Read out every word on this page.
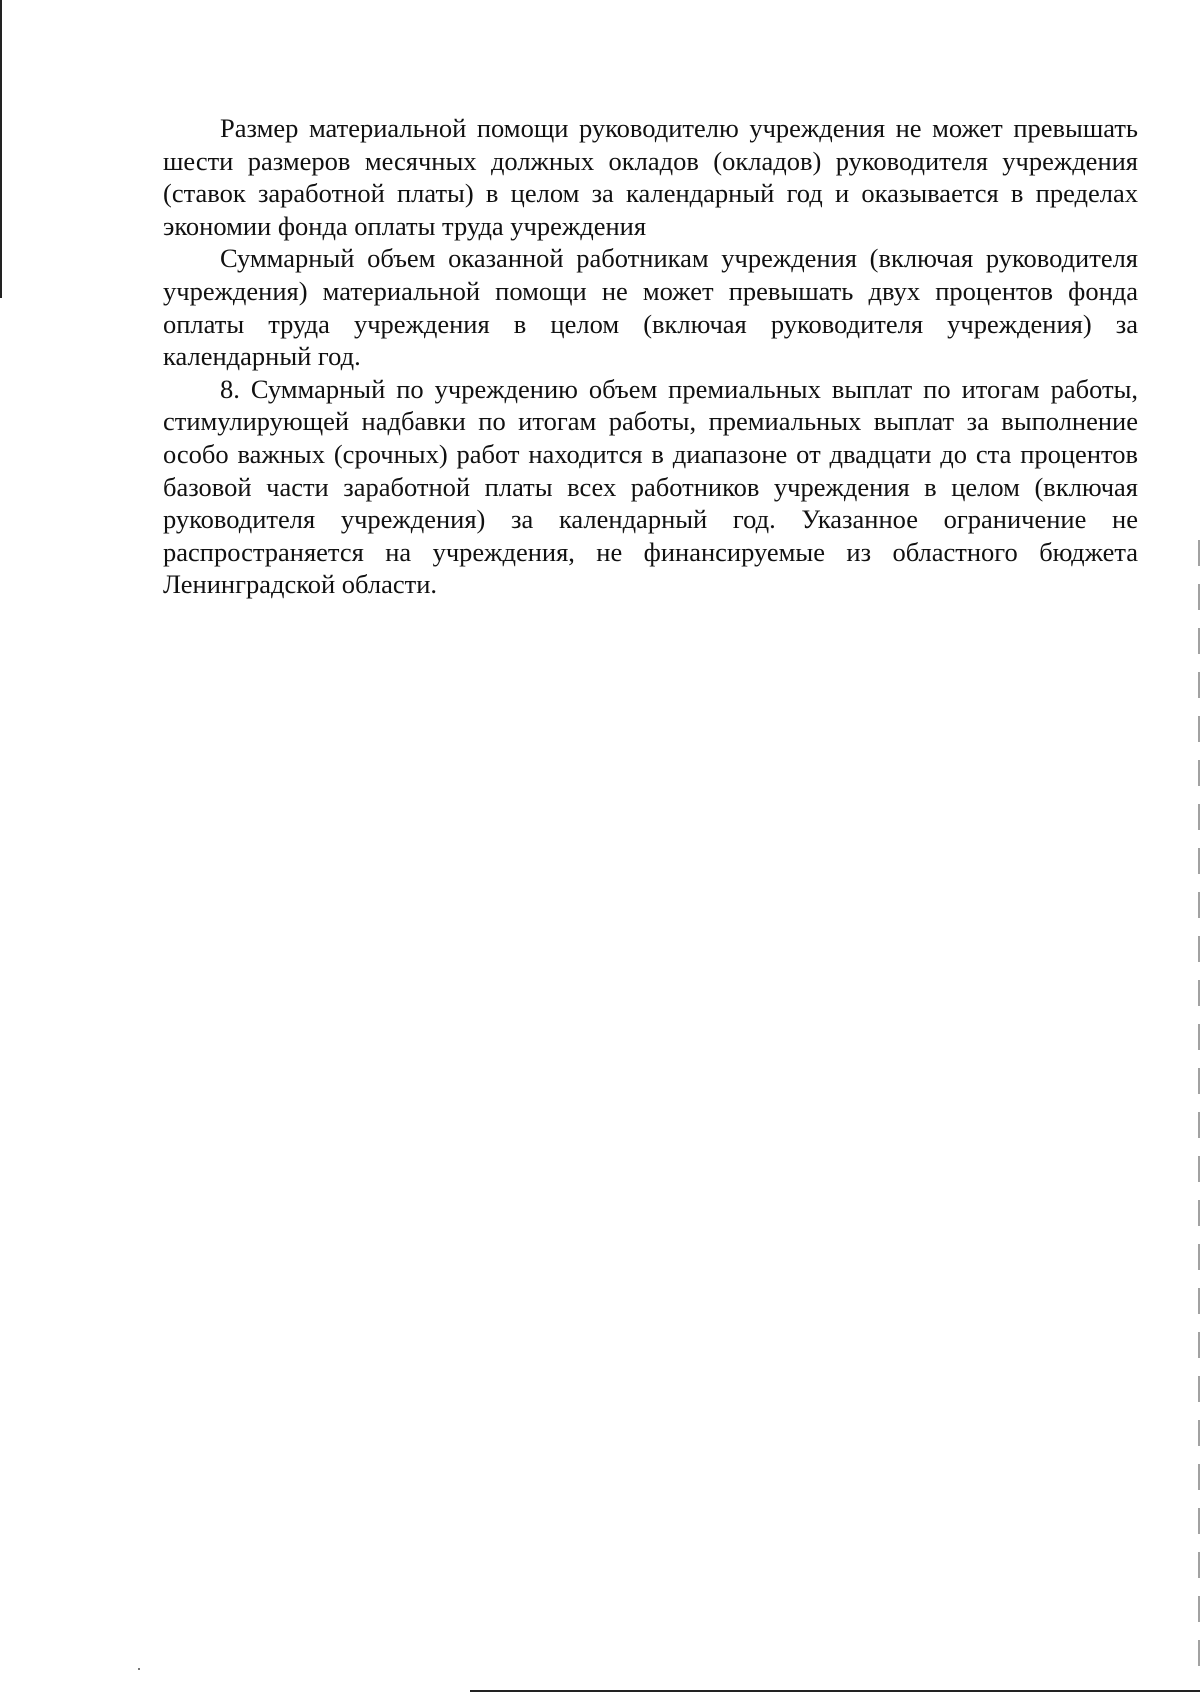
Размер материальной помощи руководителю учреждения не может превышать шести размеров месячных должных окладов (окладов) руководителя учреждения (ставок заработной платы) в целом за календарный год и оказывается в пределах экономии фонда оплаты труда учреждения

Суммарный объем оказанной работникам учреждения (включая руководителя учреждения) материальной помощи не может превышать двух процентов фонда оплаты труда учреждения в целом (включая руководителя учреждения) за календарный год.

8. Суммарный по учреждению объем премиальных выплат по итогам работы, стимулирующей надбавки по итогам работы, премиальных выплат за выполнение особо важных (срочных) работ находится в диапазоне от двадцати до ста процентов базовой части заработной платы всех работников учреждения в целом (включая руководителя учреждения) за календарный год. Указанное ограничение не распространяется на учреждения, не финансируемые из областного бюджета Ленинградской области.
